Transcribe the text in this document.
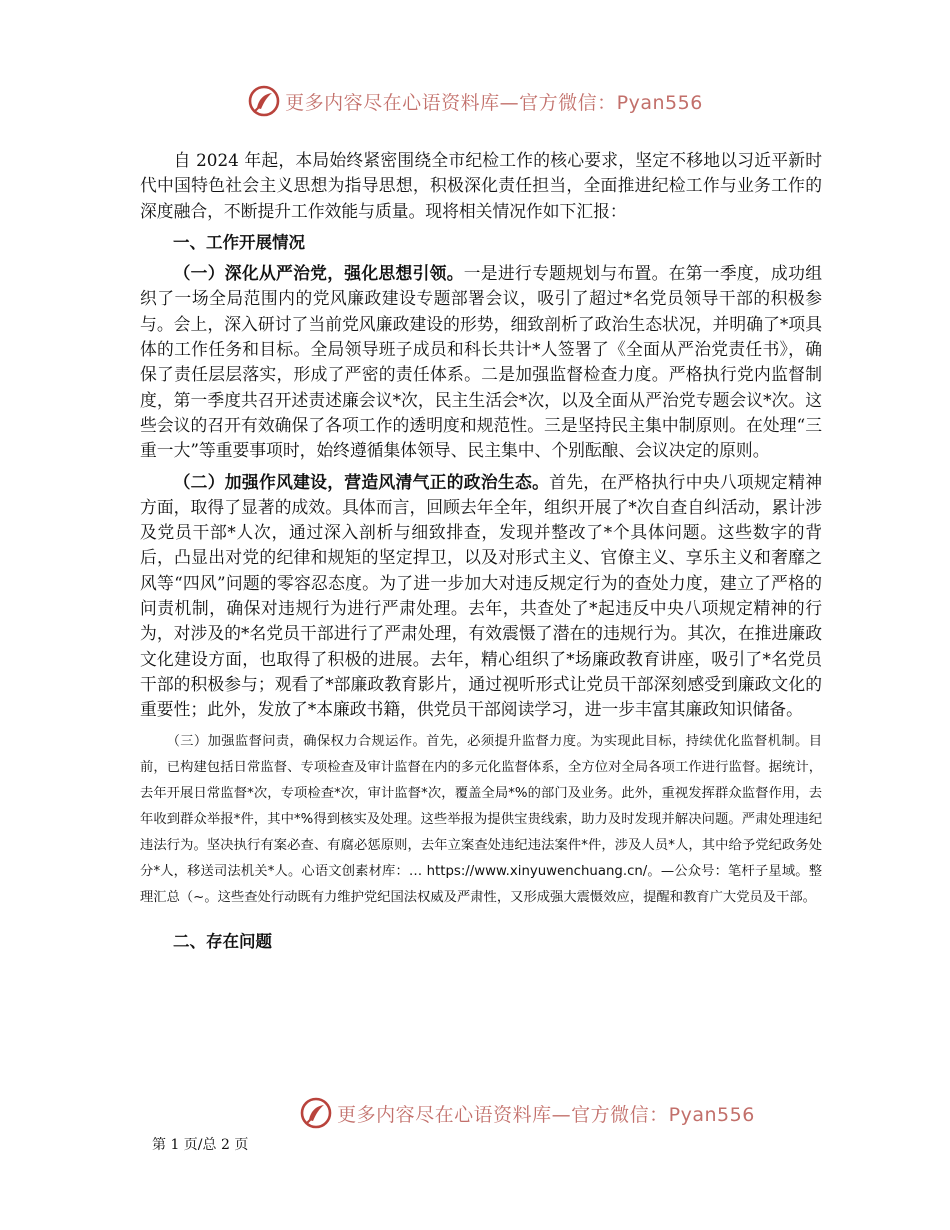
更多内容尽在心语资料库—官方微信：Pyan556

自 2024 年起，本局始终紧密围绕全市纪检工作的核心要求，坚定不移地以习近平新时代中国特色社会主义思想为指导思想，积极深化责任担当，全面推进纪检工作与业务工作的深度融合，不断提升工作效能与质量。现将相关情况作如下汇报：

一、工作开展情况

（一）深化从严治党，强化思想引领。一是进行专题规划与布置。在第一季度，成功组织了一场全局范围内的党风廉政建设专题部署会议，吸引了超过*名党员领导干部的积极参与。会上，深入研讨了当前党风廉政建设的形势，细致剖析了政治生态状况，并明确了*项具体的工作任务和目标。全局领导班子成员和科长共计*人签署了《全面从严治党责任书》，确保了责任层层落实，形成了严密的责任体系。二是加强监督检查力度。严格执行党内监督制度，第一季度共召开述责述廉会议*次，民主生活会*次，以及全面从严治党专题会议*次。这些会议的召开有效确保了各项工作的透明度和规范性。三是坚持民主集中制原则。在处理“三重一大”等重要事项时，始终遵循集体领导、民主集中、个别酝酿、会议决定的原则。

（二）加强作风建设，营造风清气正的政治生态。首先，在严格执行中央八项规定精神方面，取得了显著的成效。具体而言，回顾去年全年，组织开展了*次自查自纠活动，累计涉及党员干部*人次，通过深入剖析与细致排查，发现并整改了*个具体问题。这些数字的背后，凸显出对党的纪律和规矩的坚定捍卫，以及对形式主义、官僚主义、享乐主义和奢靡之风等“四风”问题的零容忍态度。为了进一步加大对违反规定行为的查处力度，建立了严格的问责机制，确保对违规行为进行严肃处理。去年，共查处了*起违反中央八项规定精神的行为，对涉及的*名党员干部进行了严肃处理，有效震慑了潜在的违规行为。其次，在推进廉政文化建设方面，也取得了积极的进展。去年，精心组织了*场廉政教育讲座，吸引了*名党员干部的积极参与；观看了*部廉政教育影片，通过视听形式让党员干部深刻感受到廉政文化的重要性；此外，发放了*本廉政书籍，供党员干部阅读学习，进一步丰富其廉政知识储备。

（三）加强监督问责，确保权力合规运作。首先，必须提升监督力度。为实现此目标，持续优化监督机制。目前，已构建包括日常监督、专项检查及审计监督在内的多元化监督体系，全方位对全局各项工作进行监督。据统计，去年开展日常监督*次，专项检查*次，审计监督*次，覆盖全局*%的部门及业务。此外，重视发挥群众监督作用，去年收到群众举报*件，其中*%得到核实及处理。这些举报为提供宝贵线索，助力及时发现并解决问题。严肃处理违纪违法行为。坚决执行有案必查、有腐必惩原则，去年立案查处违纪违法案件*件，涉及人员*人，其中给予党纪政务处分*人，移送司法机关*人。心语文创素材库：… https://www.xinyuwenchuang.cn/。—公众号：笔杆子星域。整理汇总（~。这些查处行动既有力维护党纪国法权威及严肃性，又形成强大震慑效应，提醒和教育广大党员及干部。

二、存在问题

更多内容尽在心语资料库—官方微信：Pyan556
第 1 页/总 2 页
